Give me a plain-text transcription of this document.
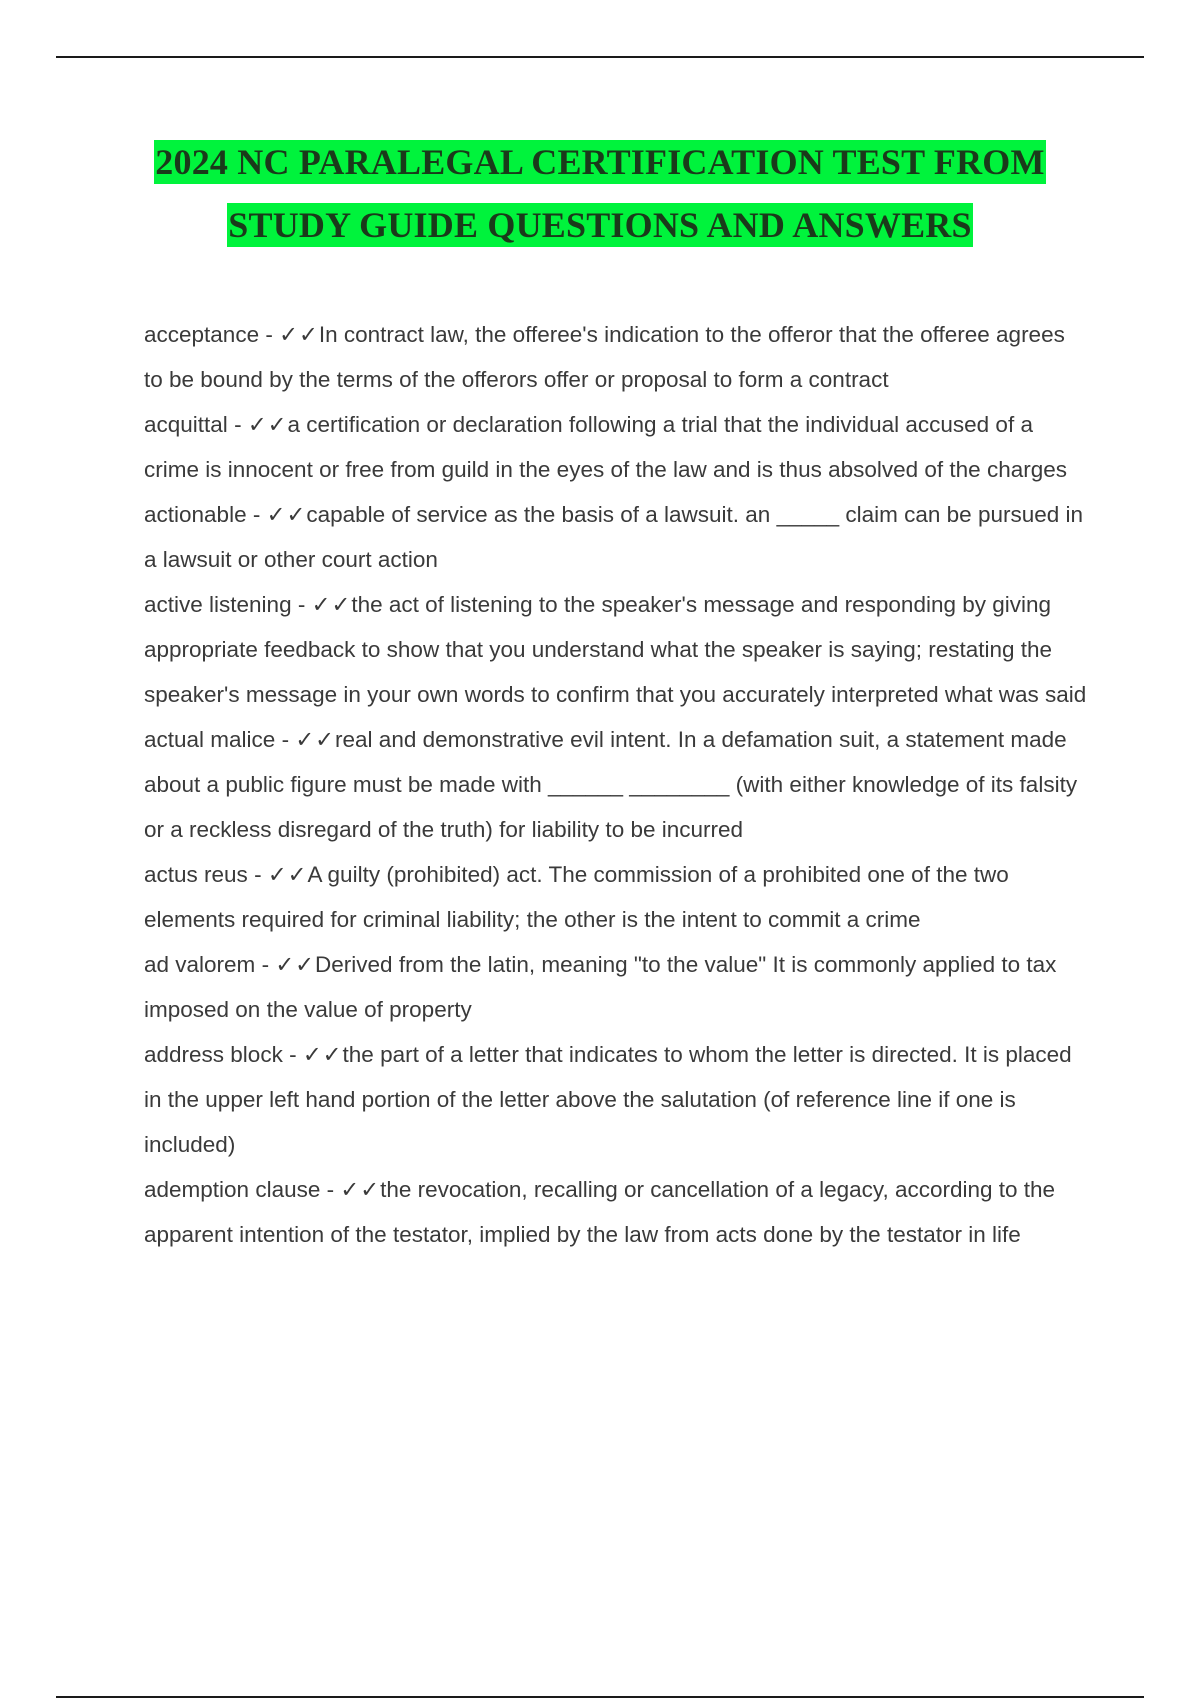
2024 NC PARALEGAL CERTIFICATION TEST FROM
STUDY GUIDE QUESTIONS AND ANSWERS

acceptance - ✓✓In contract law, the offeree's indication to the offeror that the offeree agrees to be bound by the terms of the offerors offer or proposal to form a contract

acquittal - ✓✓a certification or declaration following a trial that the individual accused of a crime is innocent or free from guild in the eyes of the law and is thus absolved of the charges

actionable - ✓✓capable of service as the basis of a lawsuit. an _____ claim can be pursued in a lawsuit or other court action

active listening - ✓✓the act of listening to the speaker's message and responding by giving appropriate feedback to show that you understand what the speaker is saying; restating the speaker's message in your own words to confirm that you accurately interpreted what was said

actual malice - ✓✓real and demonstrative evil intent. In a defamation suit, a statement made about a public figure must be made with ______ ________ (with either knowledge of its falsity or a reckless disregard of the truth) for liability to be incurred

actus reus - ✓✓A guilty (prohibited) act. The commission of a prohibited one of the two elements required for criminal liability; the other is the intent to commit a crime

ad valorem - ✓✓Derived from the latin, meaning "to the value" It is commonly applied to tax imposed on the value of property

address block - ✓✓the part of a letter that indicates to whom the letter is directed. It is placed in the upper left hand portion of the letter above the salutation (of reference line if one is included)

ademption clause - ✓✓the revocation, recalling or cancellation of a legacy, according to the apparent intention of the testator, implied by the law from acts done by the testator in life
